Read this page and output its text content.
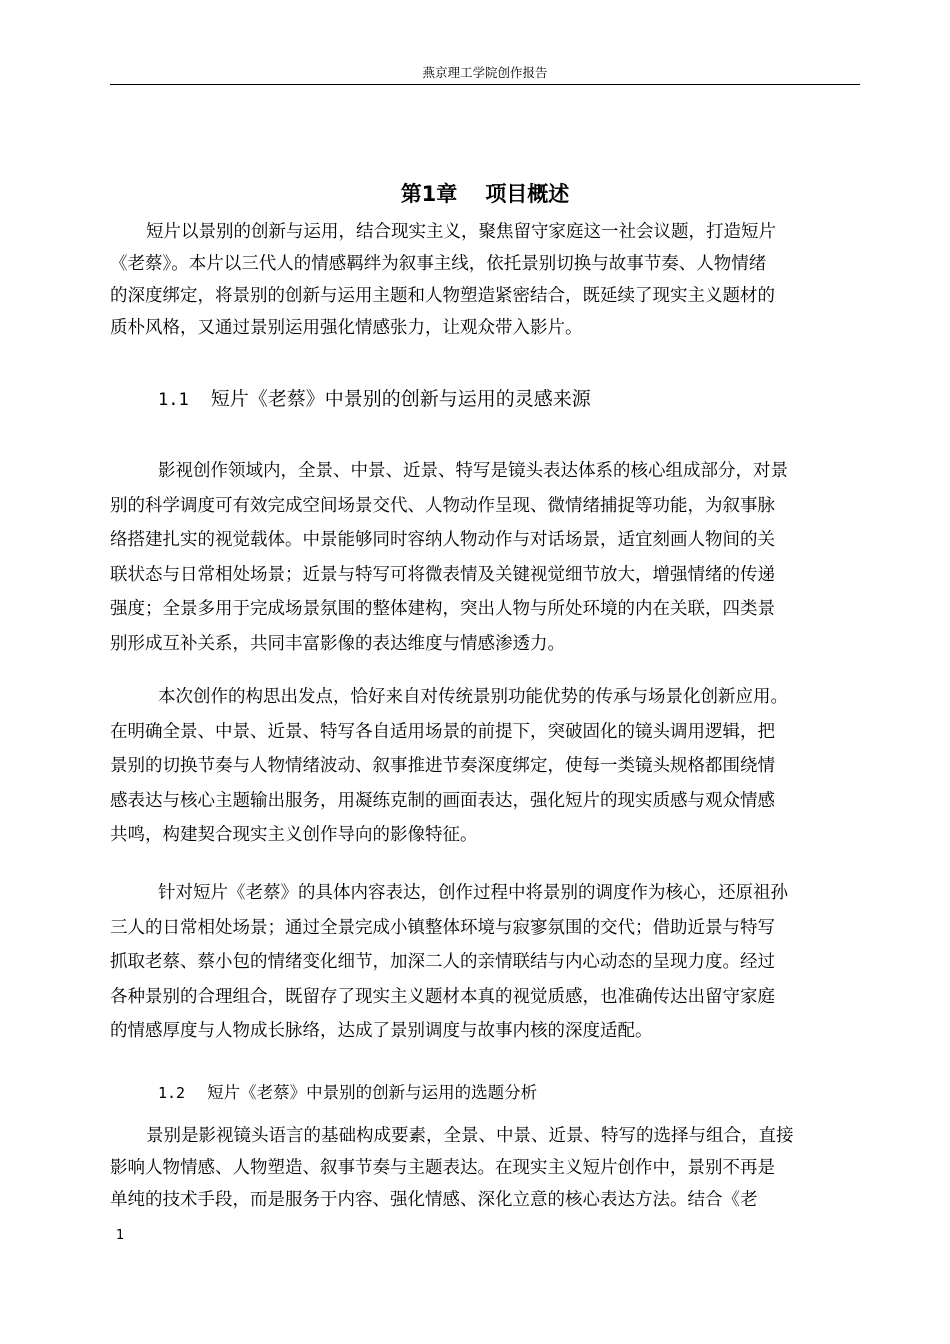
燕京理工学院创作报告
第1章 项目概述
短片以景别的创新与运用，结合现实主义，聚焦留守家庭这一社会议题，打造短片
《老蔡》。本片以三代人的情感羁绊为叙事主线，依托景别切换与故事节奏、人物情绪
的深度绑定，将景别的创新与运用主题和人物塑造紧密结合，既延续了现实主义题材的
质朴风格，又通过景别运用强化情感张力，让观众带入影片。
1.1 短片《老蔡》中景别的创新与运用的灵感来源
影视创作领域内，全景、中景、近景、特写是镜头表达体系的核心组成部分，对景
别的科学调度可有效完成空间场景交代、人物动作呈现、微情绪捕捉等功能，为叙事脉
络搭建扎实的视觉载体。中景能够同时容纳人物动作与对话场景，适宜刻画人物间的关
联状态与日常相处场景；近景与特写可将微表情及关键视觉细节放大，增强情绪的传递
强度；全景多用于完成场景氛围的整体建构，突出人物与所处环境的内在关联，四类景
别形成互补关系，共同丰富影像的表达维度与情感渗透力。
本次创作的构思出发点，恰好来自对传统景别功能优势的传承与场景化创新应用。
在明确全景、中景、近景、特写各自适用场景的前提下，突破固化的镜头调用逻辑，把
景别的切换节奏与人物情绪波动、叙事推进节奏深度绑定，使每一类镜头规格都围绕情
感表达与核心主题输出服务，用凝练克制的画面表达，强化短片的现实质感与观众情感
共鸣，构建契合现实主义创作导向的影像特征。
针对短片《老蔡》的具体内容表达，创作过程中将景别的调度作为核心，还原祖孙
三人的日常相处场景；通过全景完成小镇整体环境与寂寥氛围的交代；借助近景与特写
抓取老蔡、蔡小包的情绪变化细节，加深二人的亲情联结与内心动态的呈现力度。经过
各种景别的合理组合，既留存了现实主义题材本真的视觉质感，也准确传达出留守家庭
的情感厚度与人物成长脉络，达成了景别调度与故事内核的深度适配。
1.2 短片《老蔡》中景别的创新与运用的选题分析
景别是影视镜头语言的基础构成要素，全景、中景、近景、特写的选择与组合，直接
影响人物情感、人物塑造、叙事节奏与主题表达。在现实主义短片创作中，景别不再是
单纯的技术手段，而是服务于内容、强化情感、深化立意的核心表达方法。结合《老
1
